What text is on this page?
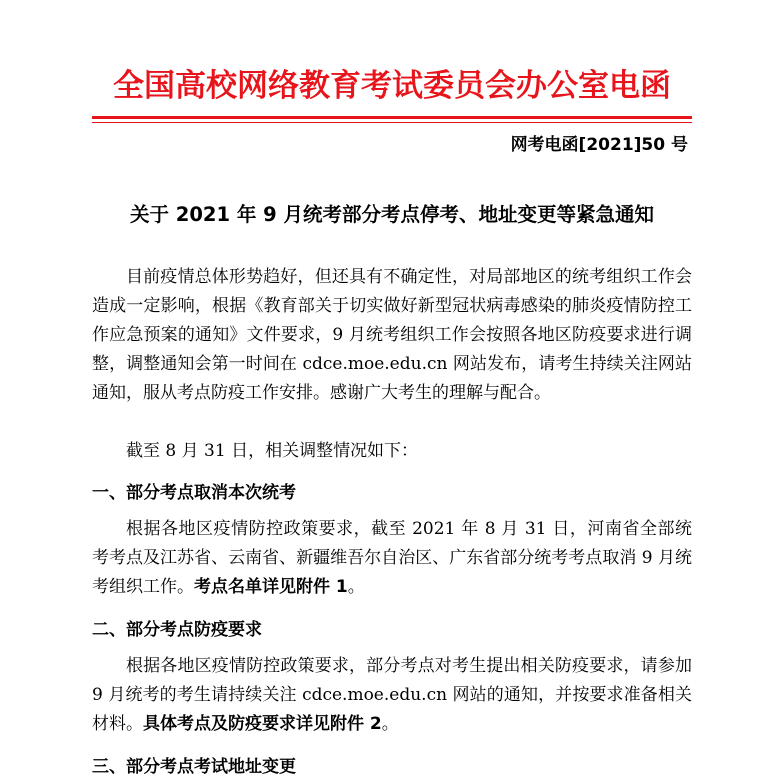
全国高校网络教育考试委员会办公室电函
网考电函[2021]50 号
关于 2021 年 9 月统考部分考点停考、地址变更等紧急通知
目前疫情总体形势趋好，但还具有不确定性，对局部地区的统考组织工作会造成一定影响，根据《教育部关于切实做好新型冠状病毒感染的肺炎疫情防控工作应急预案的通知》文件要求，9 月统考组织工作会按照各地区防疫要求进行调整，调整通知会第一时间在 cdce.moe.edu.cn 网站发布，请考生持续关注网站通知，服从考点防疫工作安排。感谢广大考生的理解与配合。
截至 8 月 31 日，相关调整情况如下：
一、部分考点取消本次统考
根据各地区疫情防控政策要求，截至 2021 年 8 月 31 日，河南省全部统考考点及江苏省、云南省、新疆维吾尔自治区、广东省部分统考考点取消 9 月统考组织工作。考点名单详见附件 1。
二、部分考点防疫要求
根据各地区疫情防控政策要求，部分考点对考生提出相关防疫要求，请参加 9 月统考的考生请持续关注 cdce.moe.edu.cn 网站的通知，并按要求准备相关材料。具体考点及防疫要求详见附件 2。
三、部分考点考试地址变更
